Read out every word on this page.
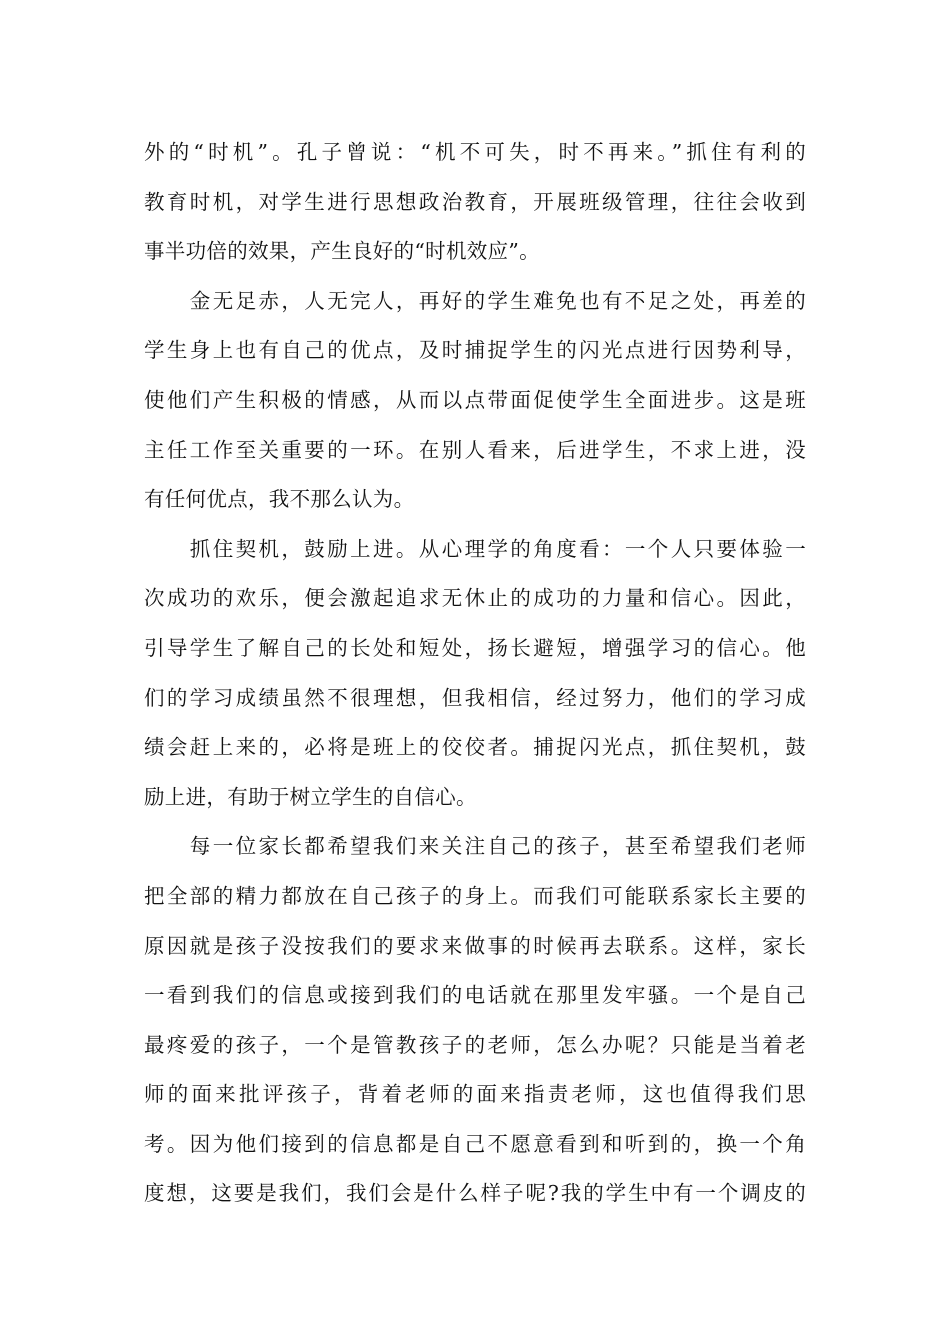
外的“时机”。孔子曾说：“机不可失，时不再来。”抓住有利的
教育时机，对学生进行思想政治教育，开展班级管理，往往会收到
事半功倍的效果，产生良好的“时机效应”。
　　金无足赤，人无完人，再好的学生难免也有不足之处，再差的
学生身上也有自己的优点，及时捕捉学生的闪光点进行因势利导，
使他们产生积极的情感，从而以点带面促使学生全面进步。这是班
主任工作至关重要的一环。在别人看来，后进学生，不求上进，没
有任何优点，我不那么认为。
　　抓住契机，鼓励上进。从心理学的角度看：一个人只要体验一
次成功的欢乐，便会激起追求无休止的成功的力量和信心。因此，
引导学生了解自己的长处和短处，扬长避短，增强学习的信心。他
们的学习成绩虽然不很理想，但我相信，经过努力，他们的学习成
绩会赶上来的，必将是班上的佼佼者。捕捉闪光点，抓住契机，鼓
励上进，有助于树立学生的自信心。
　　每一位家长都希望我们来关注自己的孩子，甚至希望我们老师
把全部的精力都放在自己孩子的身上。而我们可能联系家长主要的
原因就是孩子没按我们的要求来做事的时候再去联系。这样，家长
一看到我们的信息或接到我们的电话就在那里发牢骚。一个是自己
最疼爱的孩子，一个是管教孩子的老师，怎么办呢？只能是当着老
师的面来批评孩子，背着老师的面来指责老师，这也值得我们思
考。因为他们接到的信息都是自己不愿意看到和听到的，换一个角
度想，这要是我们，我们会是什么样子呢?我的学生中有一个调皮的
